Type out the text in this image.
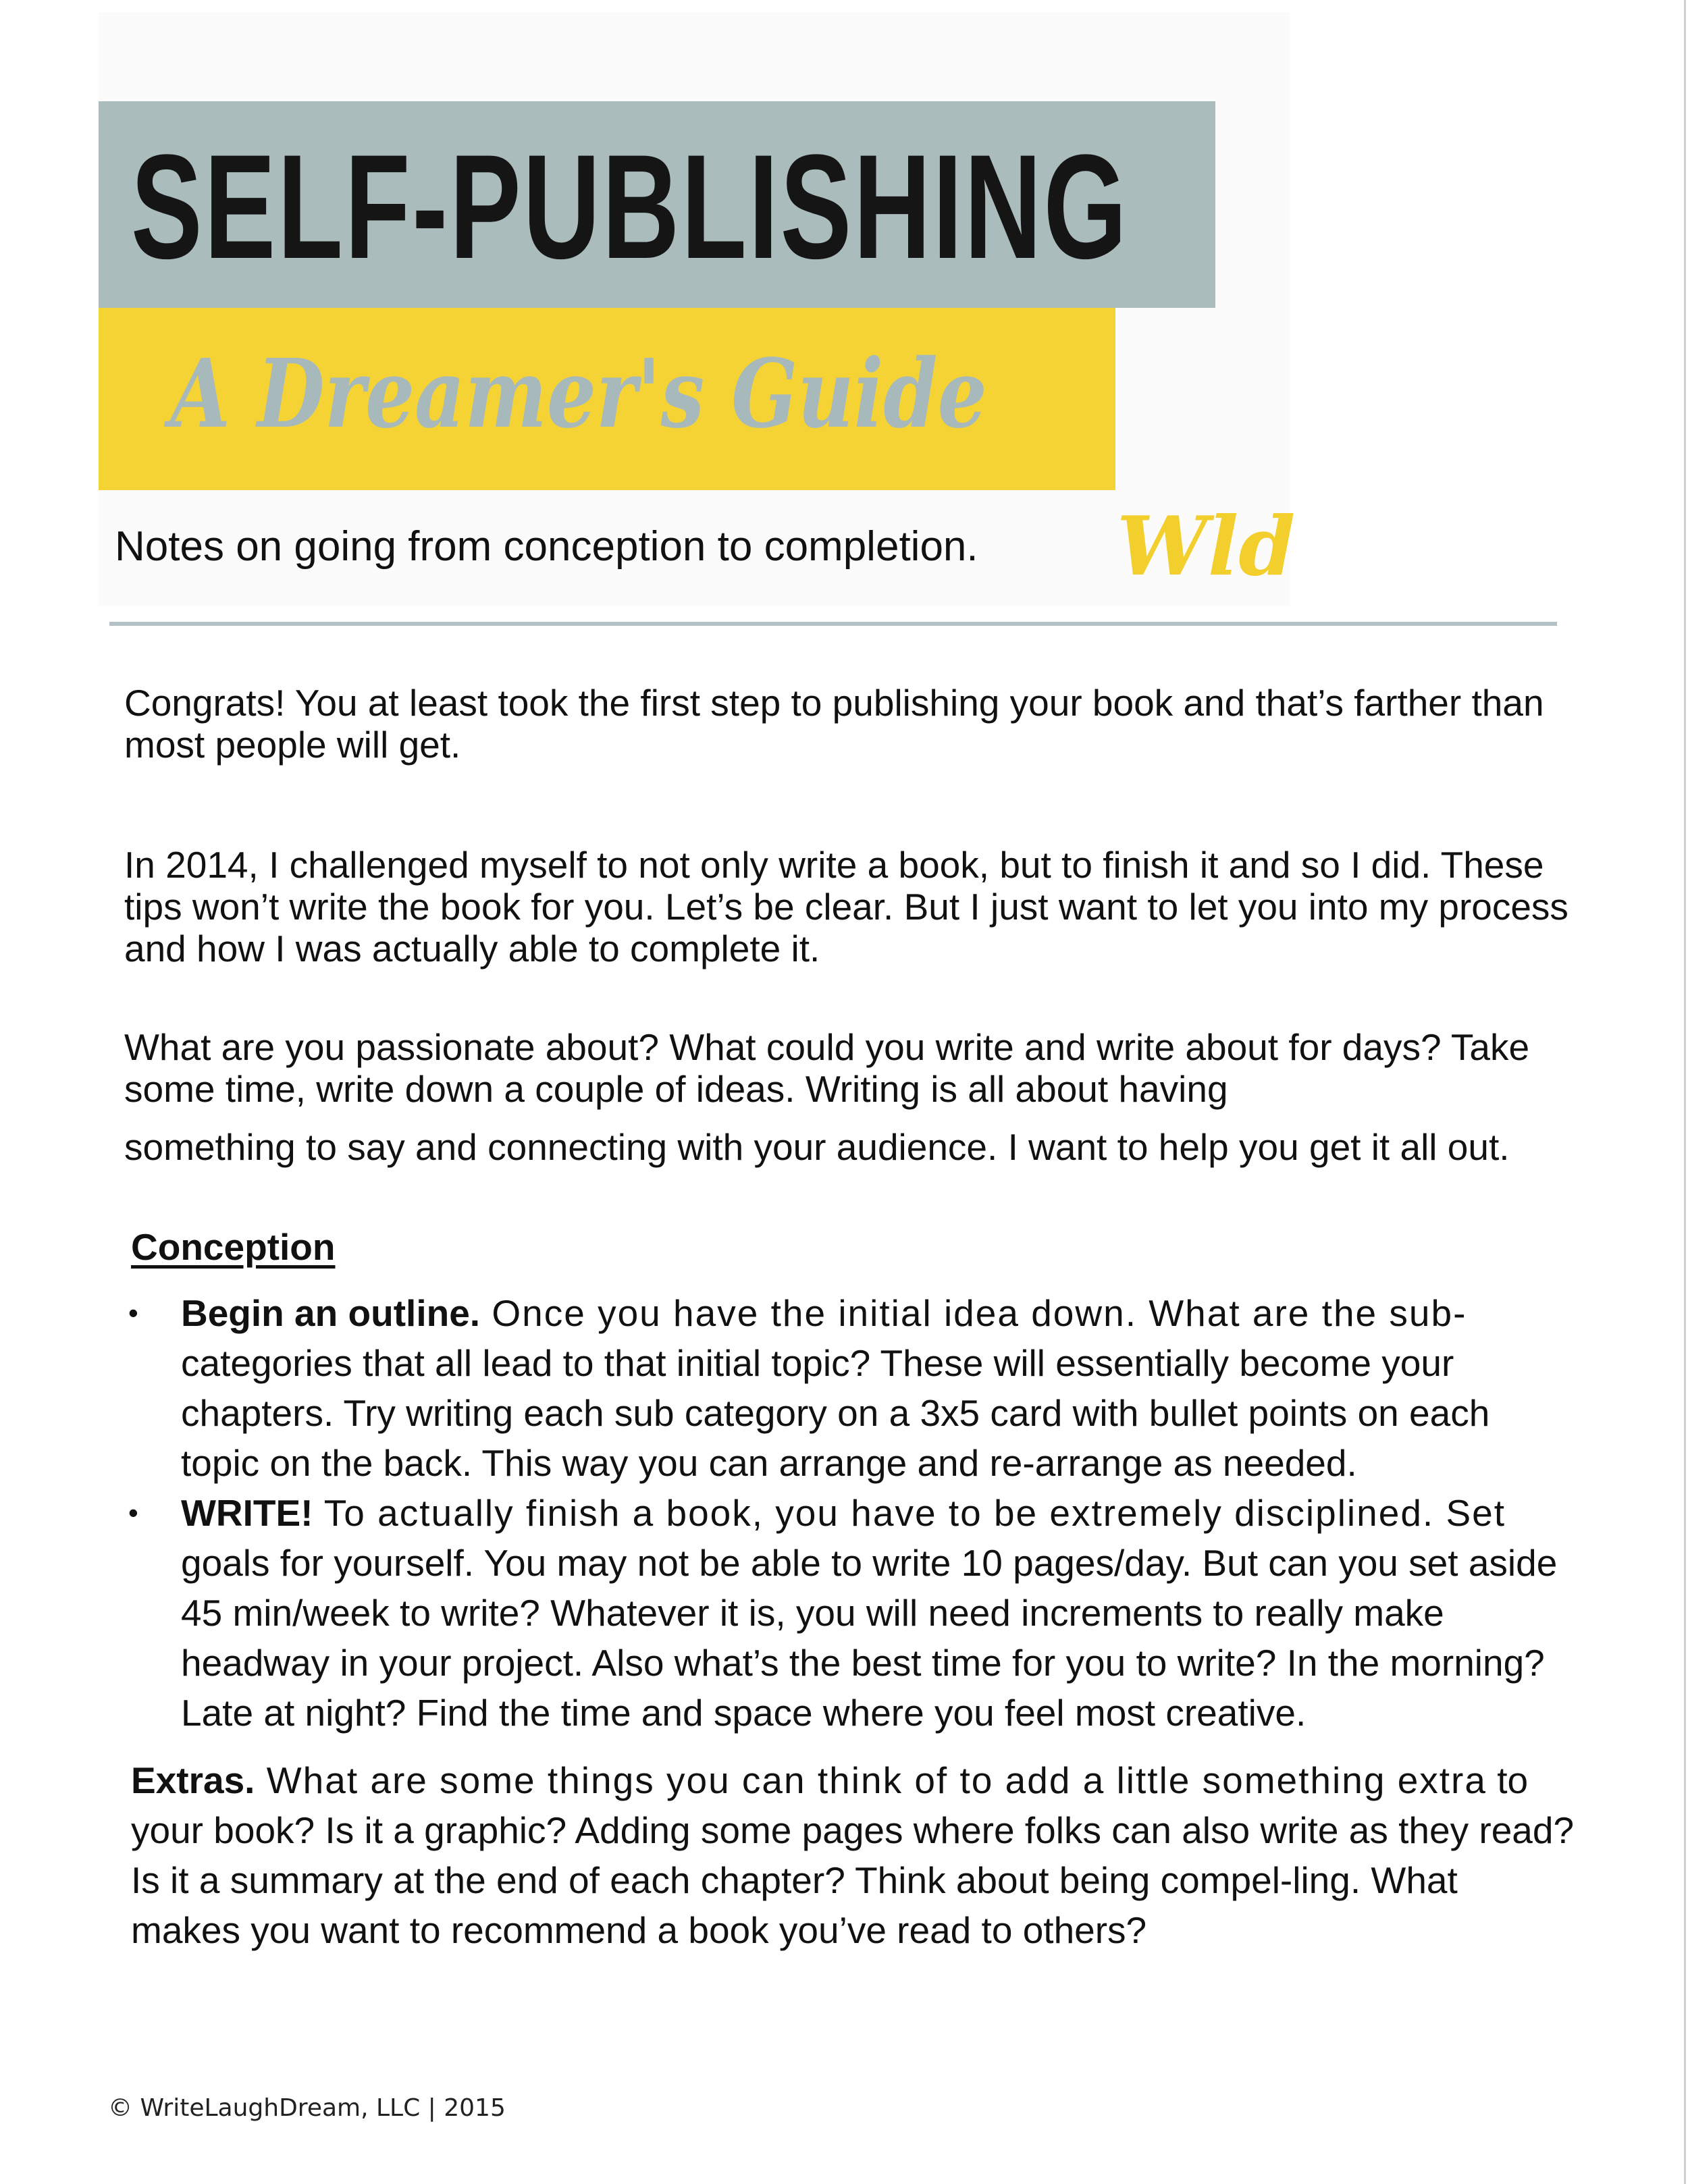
SELF-PUBLISHING
A Dreamer's Guide
Notes on going from conception to completion.	Wld

Congrats! You at least took the first step to publishing your book and that’s farther than most people will get.

In 2014, I challenged myself to not only write a book, but to finish it and so I did. These tips won’t write the book for you. Let’s be clear. But I just want to let you into my process and how I was actually able to complete it.

What are you passionate about? What could you write and write about for days? Take some time, write down a couple of ideas. Writing is all about having
something to say and connecting with your audience. I want to help you get it all out.

Conception
•	Begin an outline. Once you have the initial idea down. What are the sub- categories that all lead to that initial topic? These will essentially become your chapters. Try writing each sub category on a 3x5 card with bullet points on each topic on the back. This way you can arrange and re-arrange as needed.
•	WRITE! To actually finish a book, you have to be extremely disciplined. Set goals for yourself. You may not be able to write 10 pages/day. But can you set aside 45 min/week to write? Whatever it is, you will need increments to really make headway in your project. Also what’s the best time for you to write? In the morning? Late at night? Find the time and space where you feel most creative.

Extras. What are some things you can think of to add a little something extra to your book? Is it a graphic? Adding some pages where folks can also write as they read? Is it a summary at the end of each chapter? Think about being compel-ling. What makes you want to recommend a book you’ve read to others?

© WriteLaughDream, LLC | 2015
